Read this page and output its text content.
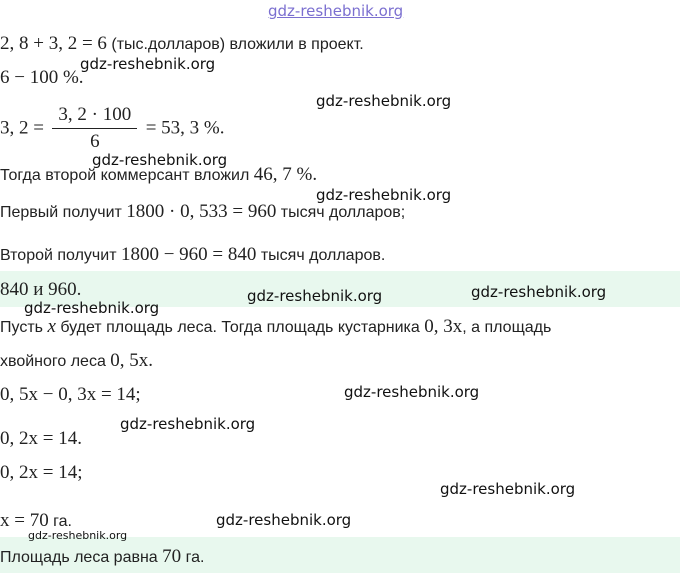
gdz-reshebnik.org
2, 8 + 3, 2 = 6 (тыс.долларов) вложили в проект.
gdz-reshebnik.org
6 − 100 %.
gdz-reshebnik.org
3, $2 = \frac{3, 2 \cdot 100}{6} = 53$, 3 %.
gdz-reshebnik.org
Тогда второй коммерсант вложил 46, 7 %.
gdz-reshebnik.org
Первый получит 1800 · 0, 533 = 960 тысяч долларов;
Второй получит 1800 − 960 = 840 тысяч долларов.
840 и 960.	gdz-reshebnik.org	gdz-reshebnik.org
gdz-reshebnik.org
Пусть x будет площадь леса. Тогда площадь кустарника 0, 3x, а площадь
хвойного леса 0, 5x.
0, 5x − 0, 3x = 14;	gdz-reshebnik.org
gdz-reshebnik.org
0, 2x = 14.
0, 2x = 14;
gdz-reshebnik.org
x = 70 га.	gdz-reshebnik.org
gdz-reshebnik.org
Площадь леса равна 70 га.
